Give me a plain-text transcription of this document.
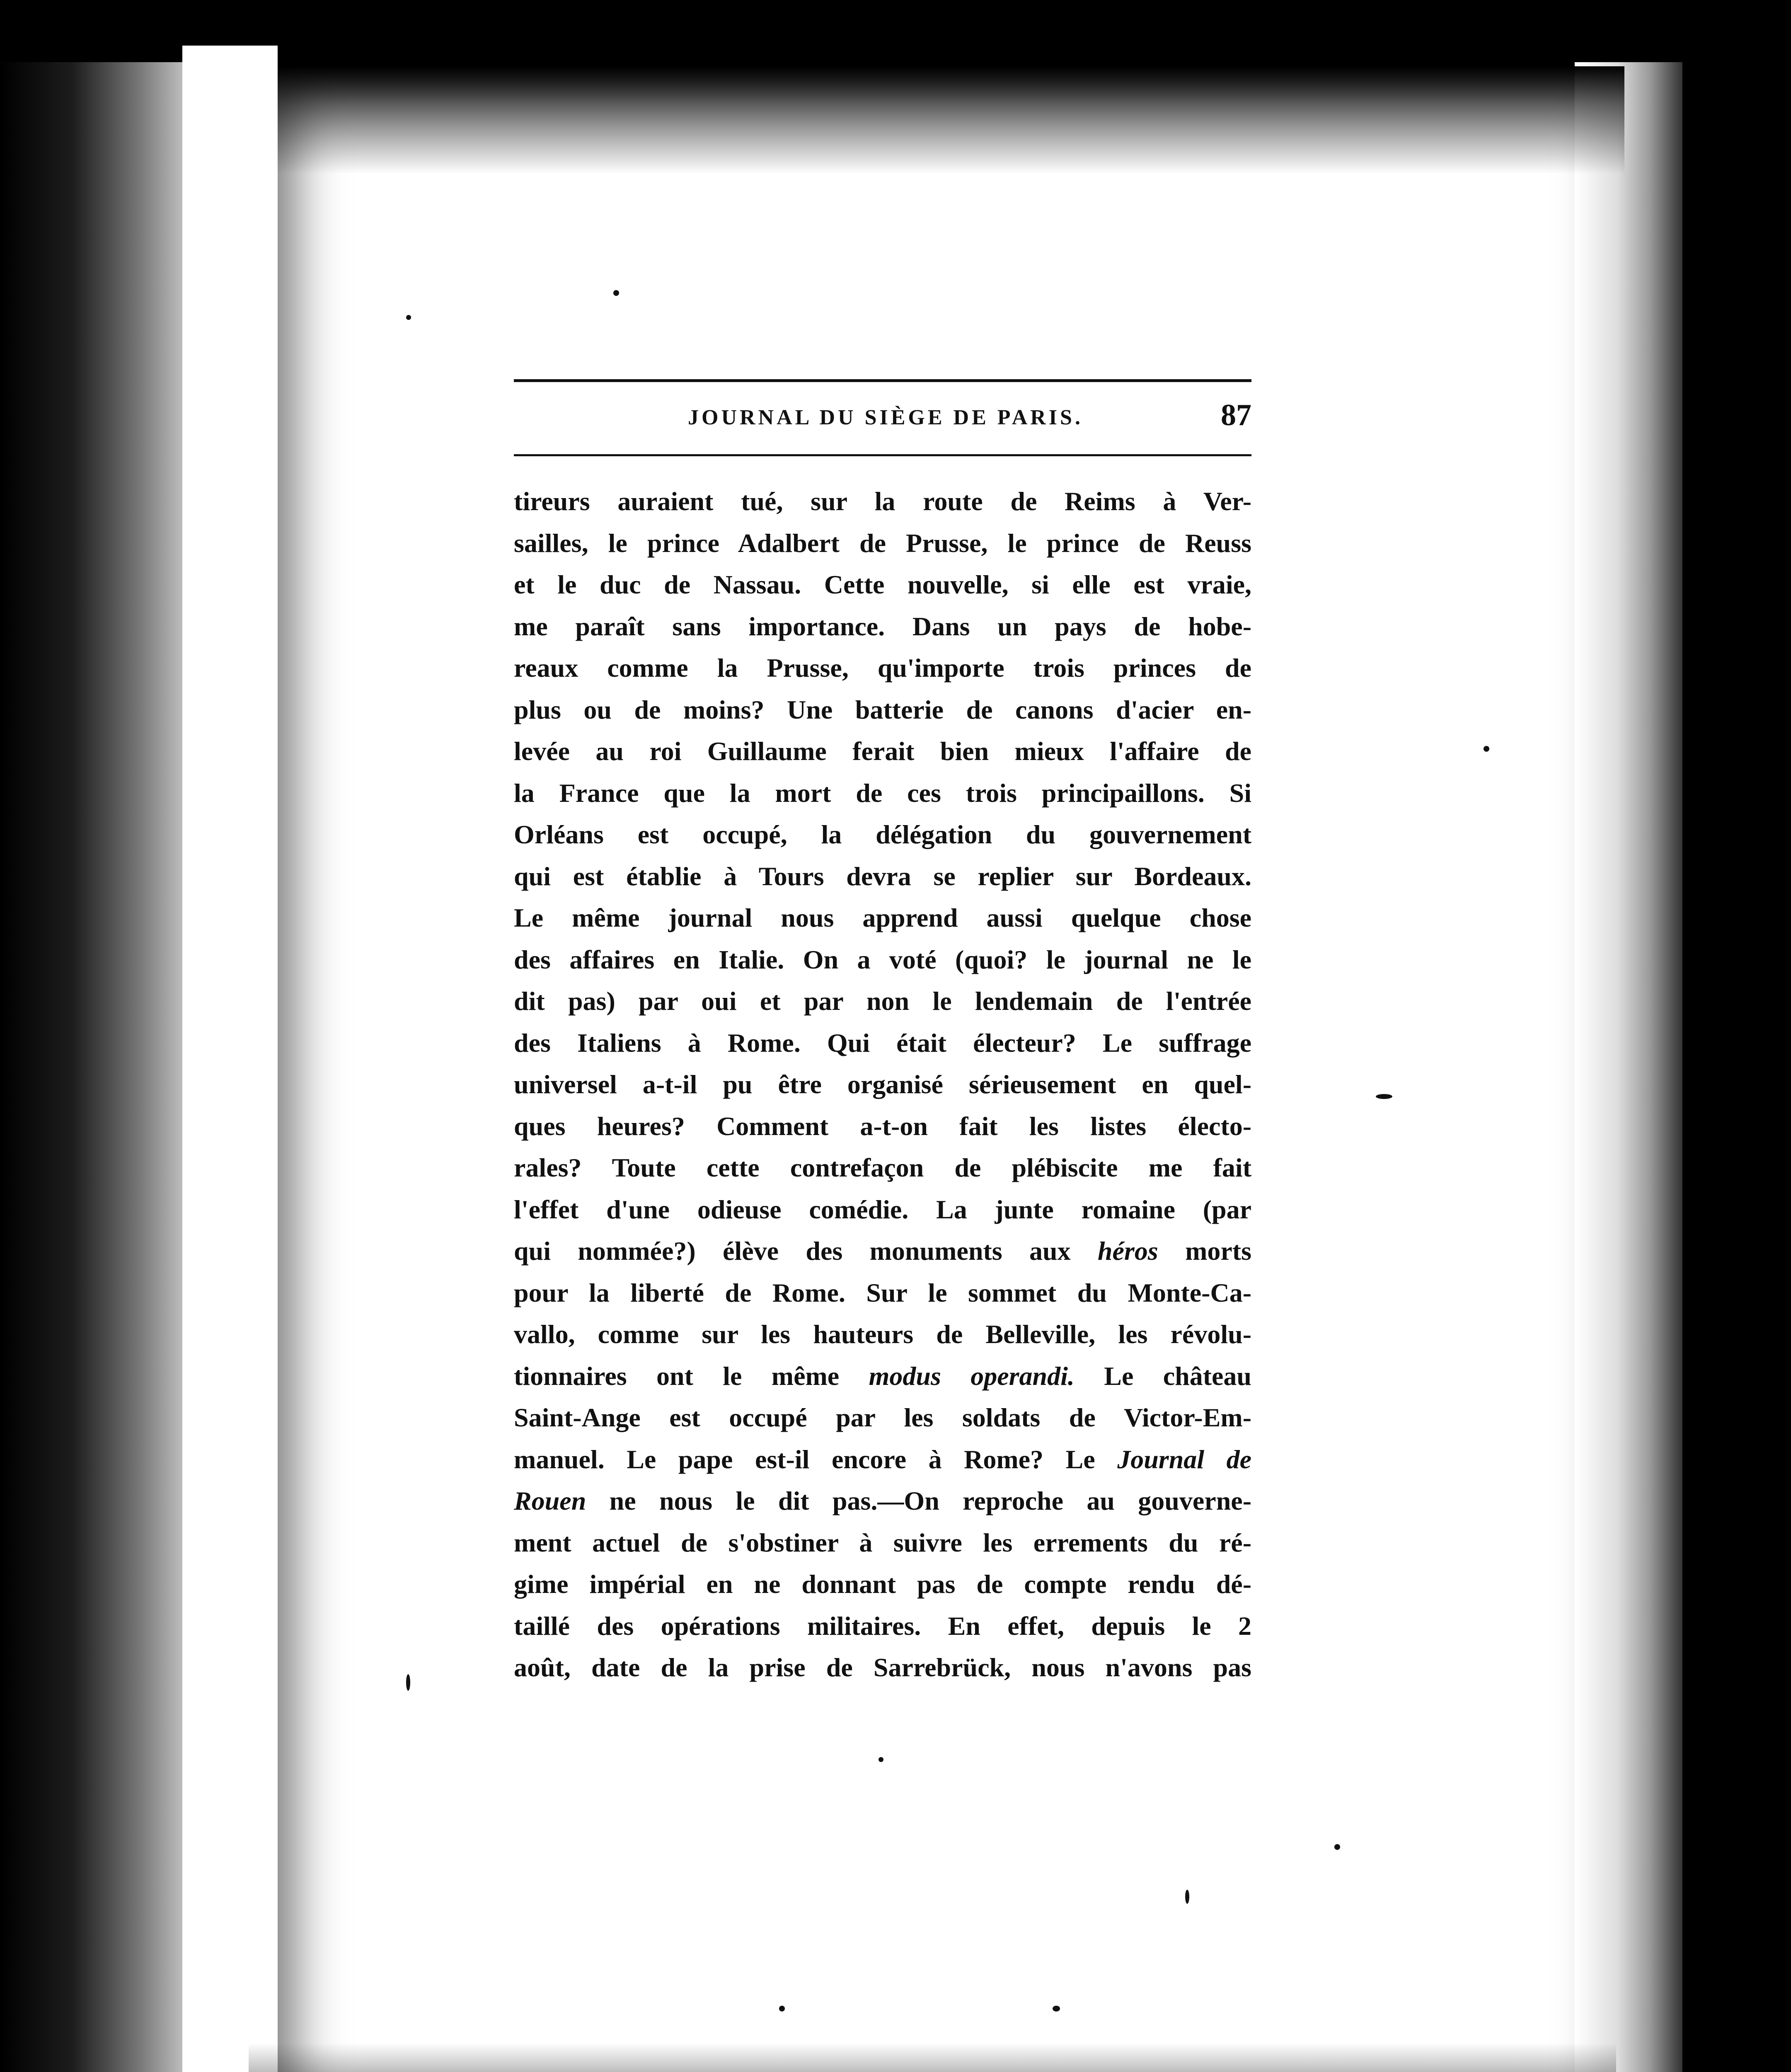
JOURNAL DU SIÈGE DE PARIS.	87
tireurs auraient tué, sur la route de Reims à Ver-
sailles, le prince Adalbert de Prusse, le prince de Reuss
et le duc de Nassau. Cette nouvelle, si elle est vraie,
me paraît sans importance. Dans un pays de hobe-
reaux comme la Prusse, qu'importe trois princes de
plus ou de moins? Une batterie de canons d'acier en-
levée au roi Guillaume ferait bien mieux l'affaire de
la France que la mort de ces trois principaillons. Si
Orléans est occupé, la délégation du gouvernement
qui est établie à Tours devra se replier sur Bordeaux.
Le même journal nous apprend aussi quelque chose
des affaires en Italie. On a voté (quoi? le journal ne le
dit pas) par oui et par non le lendemain de l'entrée
des Italiens à Rome. Qui était électeur? Le suffrage
universel a-t-il pu être organisé sérieusement en quel-
ques heures? Comment a-t-on fait les listes électo-
rales? Toute cette contrefaçon de plébiscite me fait
l'effet d'une odieuse comédie. La junte romaine (par
qui nommée?) élève des monuments aux héros morts
pour la liberté de Rome. Sur le sommet du Monte-Ca-
vallo, comme sur les hauteurs de Belleville, les révolu-
tionnaires ont le même modus operandi. Le château
Saint-Ange est occupé par les soldats de Victor-Em-
manuel. Le pape est-il encore à Rome? Le Journal de
Rouen ne nous le dit pas.—On reproche au gouverne-
ment actuel de s'obstiner à suivre les errements du ré-
gime impérial en ne donnant pas de compte rendu dé-
taillé des opérations militaires. En effet, depuis le 2
août, date de la prise de Sarrebrück, nous n'avons pas
